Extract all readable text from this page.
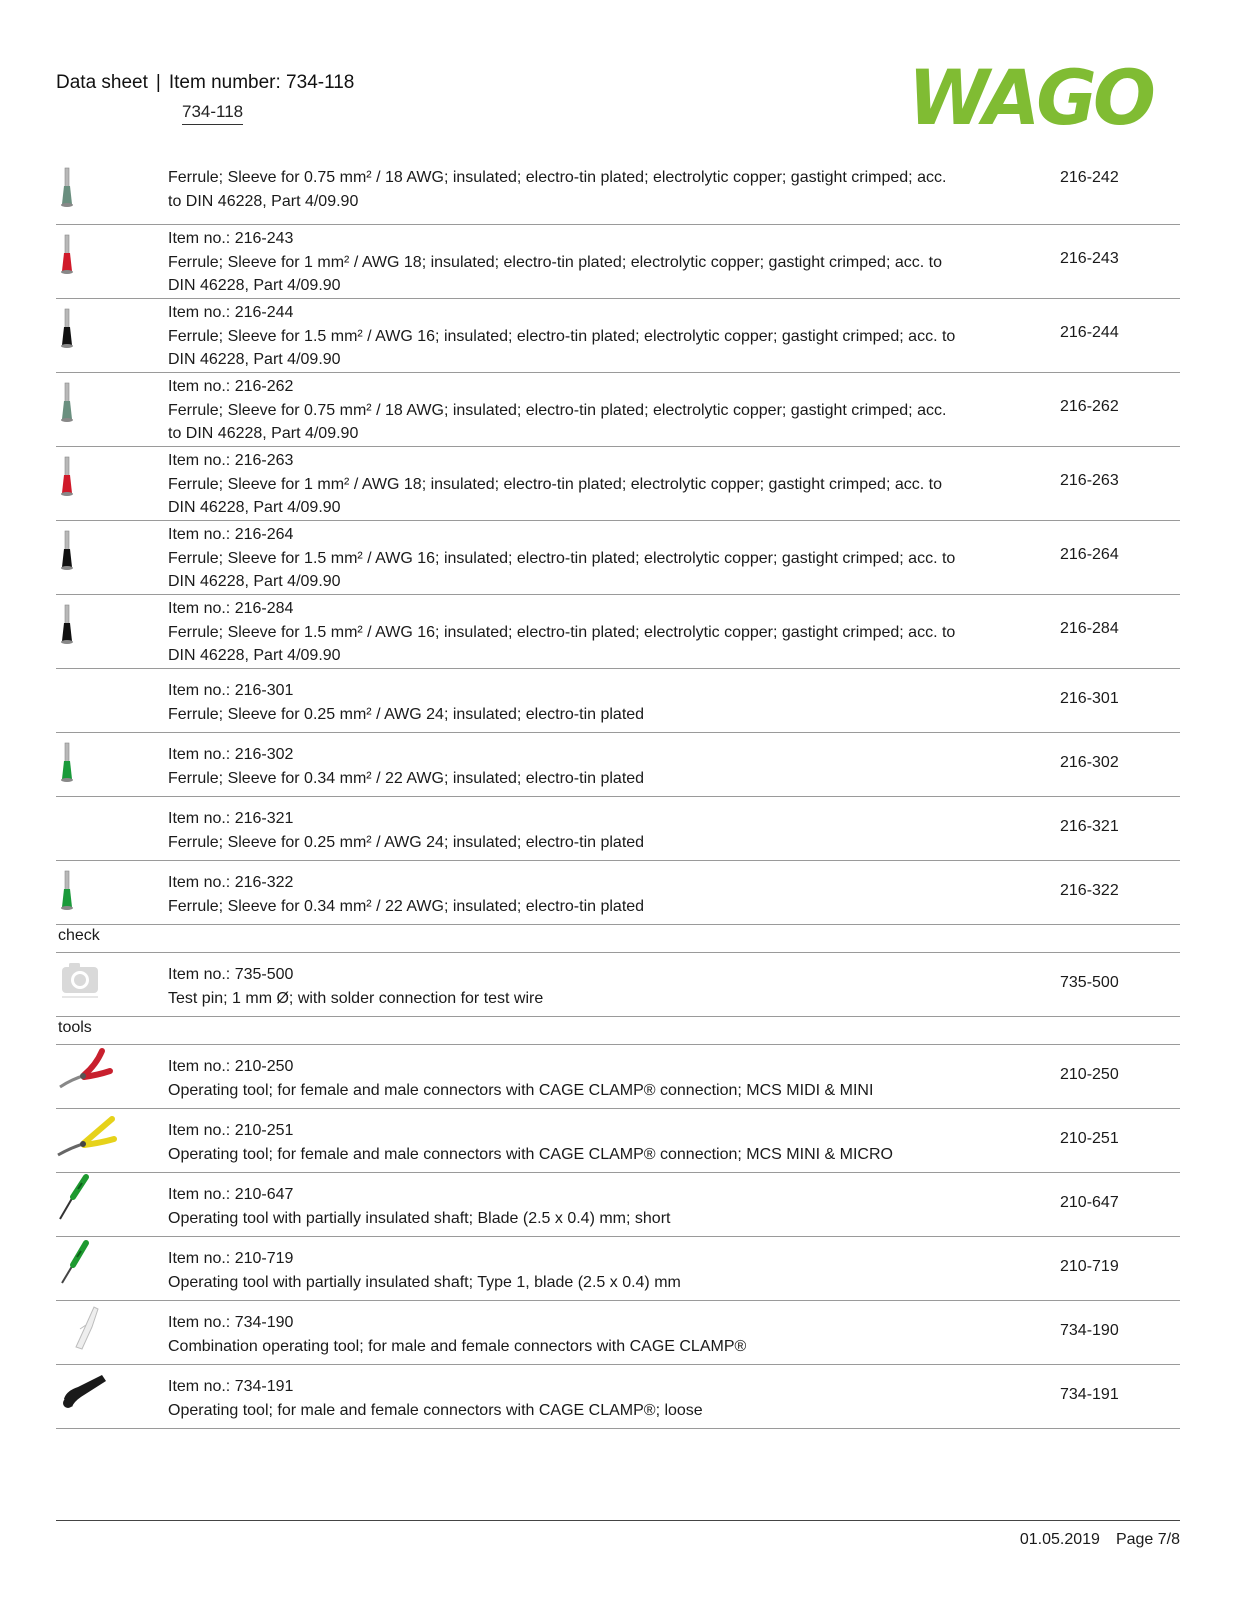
Data sheet | Item number: 734-118
734-118	WAGO
Ferrule; Sleeve for 0.75 mm² / 18 AWG; insulated; electro-tin plated; electrolytic copper; gastight crimped; acc. to DIN 46228, Part 4/09.90
216-242
Item no.: 216-243
Ferrule; Sleeve for 1 mm² / AWG 18; insulated; electro-tin plated; electrolytic copper; gastight crimped; acc. to DIN 46228, Part 4/09.90
216-243
Item no.: 216-244
Ferrule; Sleeve for 1.5 mm² / AWG 16; insulated; electro-tin plated; electrolytic copper; gastight crimped; acc. to DIN 46228, Part 4/09.90
216-244
Item no.: 216-262
Ferrule; Sleeve for 0.75 mm² / 18 AWG; insulated; electro-tin plated; electrolytic copper; gastight crimped; acc. to DIN 46228, Part 4/09.90
216-262
Item no.: 216-263
Ferrule; Sleeve for 1 mm² / AWG 18; insulated; electro-tin plated; electrolytic copper; gastight crimped; acc. to DIN 46228, Part 4/09.90
216-263
Item no.: 216-264
Ferrule; Sleeve for 1.5 mm² / AWG 16; insulated; electro-tin plated; electrolytic copper; gastight crimped; acc. to DIN 46228, Part 4/09.90
216-264
Item no.: 216-284
Ferrule; Sleeve for 1.5 mm² / AWG 16; insulated; electro-tin plated; electrolytic copper; gastight crimped; acc. to DIN 46228, Part 4/09.90
216-284
Item no.: 216-301
Ferrule; Sleeve for 0.25 mm² / AWG 24; insulated; electro-tin plated
216-301
Item no.: 216-302
Ferrule; Sleeve for 0.34 mm² / 22 AWG; insulated; electro-tin plated
216-302
Item no.: 216-321
Ferrule; Sleeve for 0.25 mm² / AWG 24; insulated; electro-tin plated
216-321
Item no.: 216-322
Ferrule; Sleeve for 0.34 mm² / 22 AWG; insulated; electro-tin plated
216-322
check
Item no.: 735-500
Test pin; 1 mm Ø; with solder connection for test wire
735-500
tools
Item no.: 210-250
Operating tool; for female and male connectors with CAGE CLAMP® connection; MCS MIDI & MINI
210-250
Item no.: 210-251
Operating tool; for female and male connectors with CAGE CLAMP® connection; MCS MINI & MICRO
210-251
Item no.: 210-647
Operating tool with partially insulated shaft; Blade (2.5 x 0.4) mm; short
210-647
Item no.: 210-719
Operating tool with partially insulated shaft; Type 1, blade (2.5 x 0.4) mm
210-719
Item no.: 734-190
Combination operating tool; for male and female connectors with CAGE CLAMP®
734-190
Item no.: 734-191
Operating tool; for male and female connectors with CAGE CLAMP®; loose
734-191
01.05.2019 Page 7/8
